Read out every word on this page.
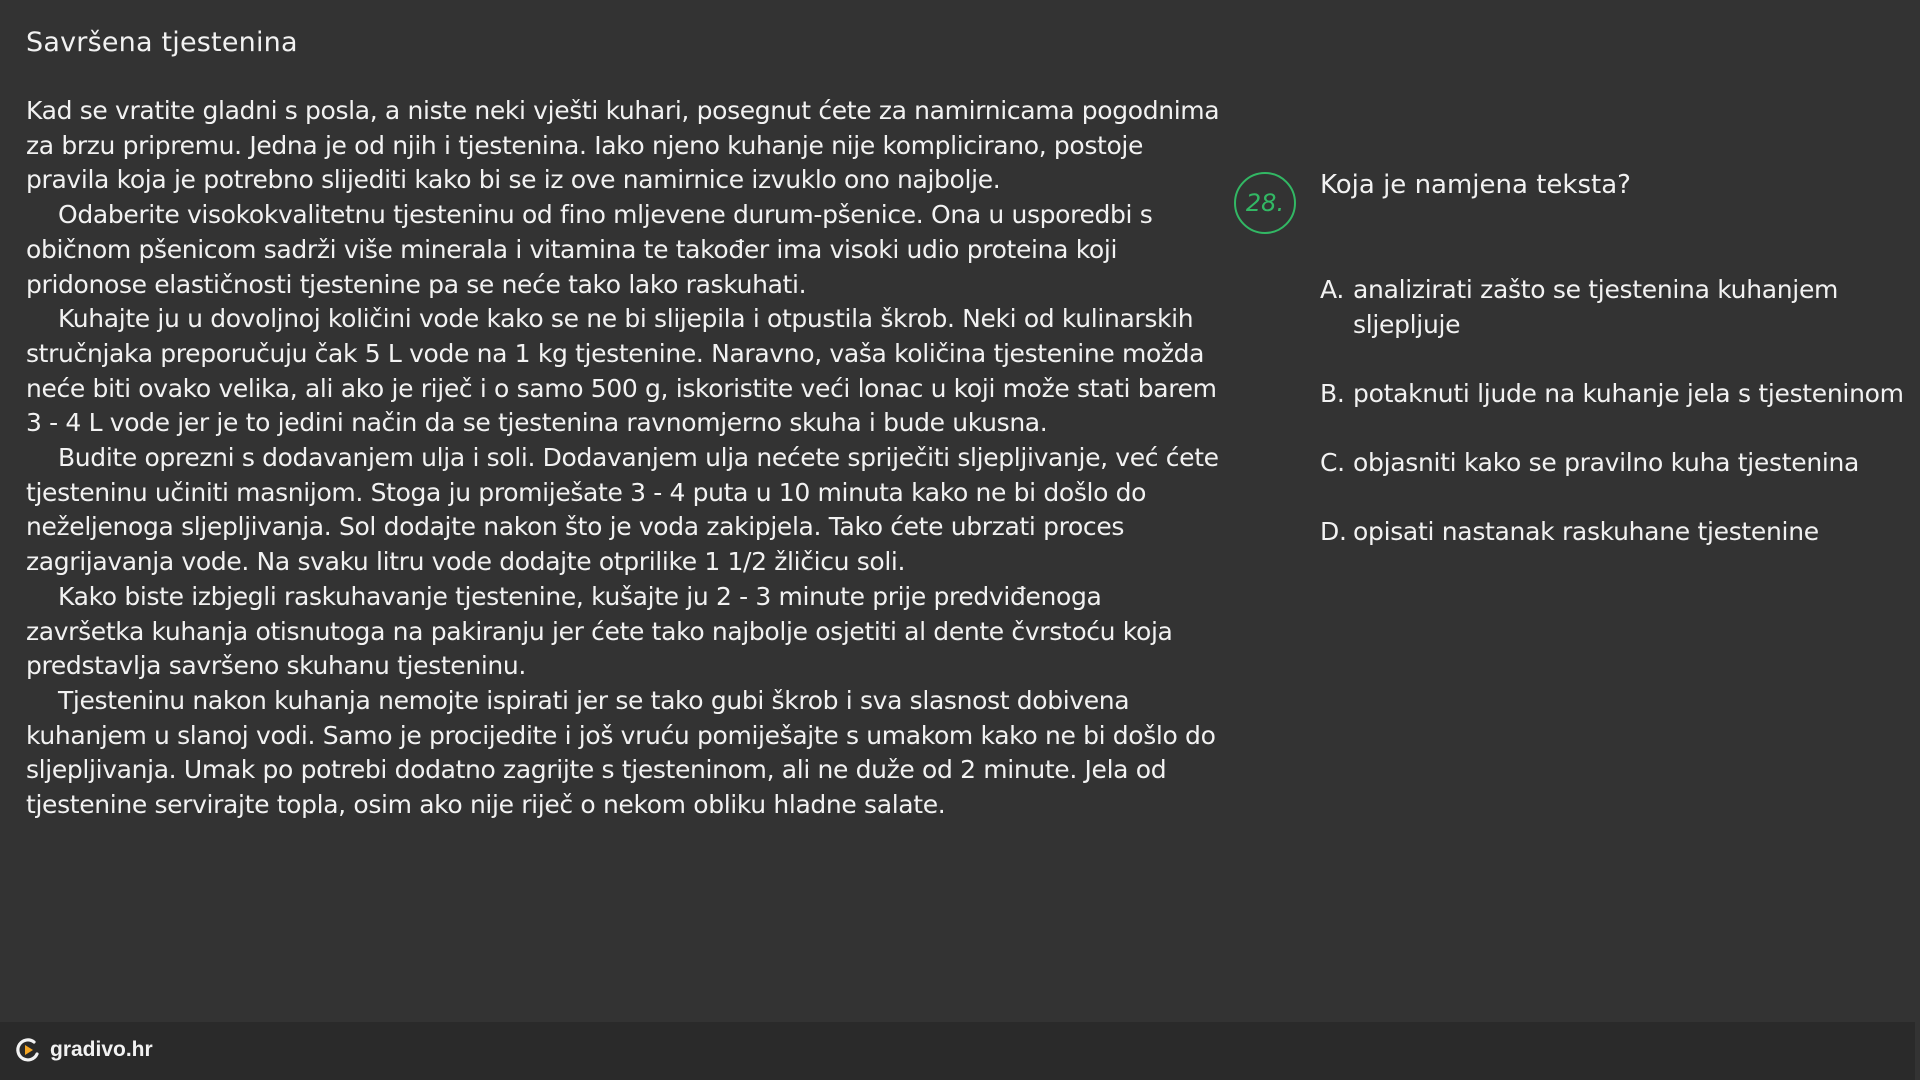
Savršena tjestenina

Kad se vratite gladni s posla, a niste neki vješti kuhari, posegnut ćete za namirnicama pogodnima za brzu pripremu. Jedna je od njih i tjestenina. Iako njeno kuhanje nije komplicirano, postoje pravila koja je potrebno slijediti kako bi se iz ove namirnice izvuklo ono najbolje.

Odaberite visokokvalitetnu tjesteninu od fino mljevene durum-pšenice. Ona u usporedbi s običnom pšenicom sadrži više minerala i vitamina te također ima visoki udio proteina koji pridonose elastičnosti tjestenine pa se neće tako lako raskuhati.

Kuhajte ju u dovoljnoj količini vode kako se ne bi slijepila i otpustila škrob. Neki od kulinarskih stručnjaka preporučuju čak 5 L vode na 1 kg tjestenine. Naravno, vaša količina tjestenine možda neće biti ovako velika, ali ako je riječ i o samo 500 g, iskoristite veći lonac u koji može stati barem 3 - 4 L vode jer je to jedini način da se tjestenina ravnomjerno skuha i bude ukusna.

Budite oprezni s dodavanjem ulja i soli. Dodavanjem ulja nećete spriječiti sljepljivanje, već ćete tjesteninu učiniti masnijom. Stoga ju promiješate 3 - 4 puta u 10 minuta kako ne bi došlo do neželjenoga sljepljivanja. Sol dodajte nakon što je voda zakipjela. Tako ćete ubrzati proces zagrijavanja vode. Na svaku litru vode dodajte otprilike 1 1/2 žličicu soli.

Kako biste izbjegli raskuhavanje tjestenine, kušajte ju 2 - 3 minute prije predviđenoga završetka kuhanja otisnutoga na pakiranju jer ćete tako najbolje osjetiti al dente čvrstoću koja predstavlja savršeno skuhanu tjesteninu.

Tjesteninu nakon kuhanja nemojte ispirati jer se tako gubi škrob i sva slasnost dobivena kuhanjem u slanoj vodi. Samo je procijedite i još vruću pomiješajte s umakom kako ne bi došlo do sljepljivanja. Umak po potrebi dodatno zagrijte s tjesteninom, ali ne duže od 2 minute. Jela od tjestenine servirajte topla, osim ako nije riječ o nekom obliku hladne salate.

28.
Koja je namjena teksta?
A. analizirati zašto se tjestenina kuhanjem sljepljuje
B. potaknuti ljude na kuhanje jela s tjesteninom
C. objasniti kako se pravilno kuha tjestenina
D. opisati nastanak raskuhane tjestenine
gradivo.hr
